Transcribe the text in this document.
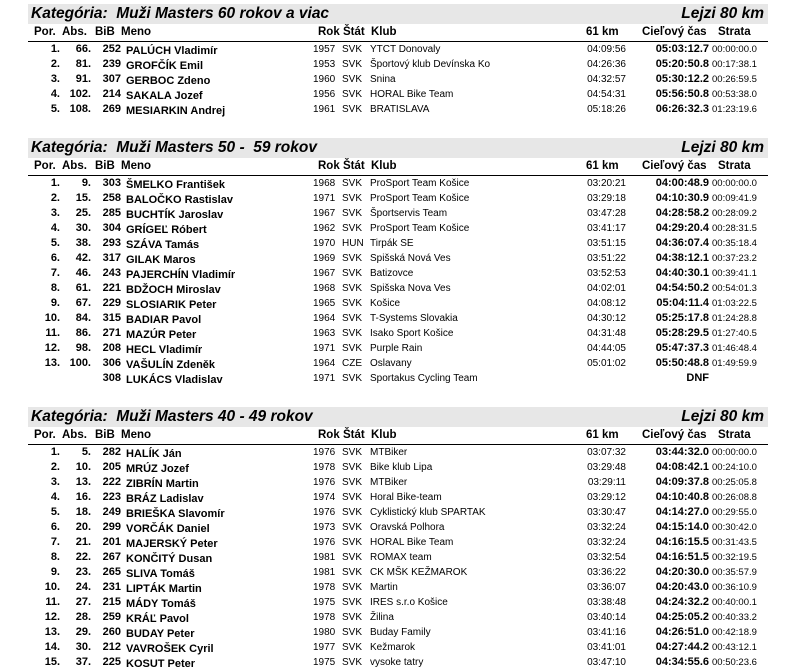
Kategória:  Muži Masters 60 rokov a viac	Lejzi 80 km
Por. Abs. BiB Meno	Rok Štát Klub	61 km Cieľový čas Strata
1.	66.	252 PALÚCH Vladimír	1957 SVK YTCT Donovaly	04:09:56	05:03:12.7 00:00:00.0
2.	81.	239 GROFČÍK Emil	1953 SVK Športový klub Devínska Ko	04:26:36	05:20:50.8 00:17:38.1
3.	91.	307 GERBOC Zdeno	1960 SVK Snina	04:32:57	05:30:12.2 00:26:59.5
4. 102.	214 SAKALA Jozef	1956 SVK HORAL Bike Team	04:54:31	05:56:50.8 00:53:38.0
5. 108.	269 MESIARKIN Andrej	1961 SVK BRATISLAVA	05:18:26	06:26:32.3 01:23:19.6
Kategória:  Muži Masters 50 -  59 rokov	Lejzi 80 km
Por. Abs. BiB Meno	Rok Štát Klub	61 km Cieľový čas Strata
1.	9.	303 ŠMELKO František	1968 SVK ProSport Team Košice	03:20:21	04:00:48.9 00:00:00.0
2.	15.	258 BALOČKO Rastislav	1971 SVK ProSport Team Košice	03:29:18	04:10:30.9 00:09:41.9
3.	25.	285 BUCHTÍK Jaroslav	1967 SVK Športservis Team	03:47:28	04:28:58.2 00:28:09.2
4.	30.	304 GRÍGEĽ Róbert	1962 SVK ProSport Team Košice	03:41:17	04:29:20.4 00:28:31.5
5.	38.	293 SZÁVA Tamás	1970 HUN Tirpák SE	03:51:15	04:36:07.4 00:35:18.4
6.	42.	317 GILAK Maros	1969 SVK Spišská Nová Ves	03:51:22	04:38:12.1 00:37:23.2
7.	46.	243 PAJERCHÍN Vladimír	1967 SVK Batizovce	03:52:53	04:40:30.1 00:39:41.1
8.	61.	221 BDŽOCH Miroslav	1968 SVK Spišska Nova Ves	04:02:01	04:54:50.2 00:54:01.3
9.	67.	229 SLOSIARIK Peter	1965 SVK Košice	04:08:12	05:04:11.4 01:03:22.5
10.	84.	315 BADIAR Pavol	1964 SVK T-Systems Slovakia	04:30:12	05:25:17.8 01:24:28.8
11.	86.	271 MAZÚR Peter	1963 SVK Isako Sport Košice	04:31:48	05:28:29.5 01:27:40.5
12.	98.	208 HECL Vladimír	1971 SVK Purple Rain	04:44:05	05:47:37.3 01:46:48.4
13. 100.	306 VAŠULÍN Zdeněk	1964 CZE Oslavany	05:01:02	05:50:48.8 01:49:59.9
308 LUKÁCS Vladislav	1971 SVK Sportakus Cycling Team	DNF
Kategória:  Muži Masters 40 - 49 rokov	Lejzi 80 km
Por. Abs. BiB Meno	Rok Štát Klub	61 km Cieľový čas Strata
1.	5.	282 HALÍK Ján	1976 SVK MTBiker	03:07:32	03:44:32.0 00:00:00.0
2.	10.	205 MRÚZ Jozef	1978 SVK Bike klub Lipa	03:29:48	04:08:42.1 00:24:10.0
3.	13.	222 ZIBRÍN Martin	1976 SVK MTBiker	03:29:11	04:09:37.8 00:25:05.8
4.	16.	223 BRÁZ Ladislav	1974 SVK Horal Bike-team	03:29:12	04:10:40.8 00:26:08.8
5.	18.	249 BRIEŠKA Slavomír	1976 SVK Cyklistický klub SPARTAK	03:30:47	04:14:27.0 00:29:55.0
6.	20.	299 VORČÁK Daniel	1973 SVK Oravská Polhora	03:32:24	04:15:14.0 00:30:42.0
7.	21.	201 MAJERSKÝ Peter	1976 SVK HORAL Bike Team	03:32:24	04:16:15.5 00:31:43.5
8.	22.	267 KONČITÝ Dusan	1981 SVK ROMAX team	03:32:54	04:16:51.5 00:32:19.5
9.	23.	265 SLIVA Tomáš	1981 SVK CK MŠK KEŽMAROK	03:36:22	04:20:30.0 00:35:57.9
10.	24.	231 LIPTÁK Martin	1978 SVK Martin	03:36:07	04:20:43.0 00:36:10.9
11.	27.	215 MÁDY Tomáš	1975 SVK IRES s.r.o Košice	03:38:48	04:24:32.2 00:40:00.1
12.	28.	259 KRÁĽ Pavol	1978 SVK Žilina	03:40:14	04:25:05.2 00:40:33.2
13.	29.	260 BUDAY Peter	1980 SVK Buday Family	03:41:16	04:26:51.0 00:42:18.9
14.	30.	212 VAVROŠEK Cyril	1977 SVK Kežmarok	03:41:01	04:27:44.2 00:43:12.1
15.	37.	225 KOSUT Peter	1975 SVK vysoke tatry	03:47:10	04:34:55.6 00:50:23.6
